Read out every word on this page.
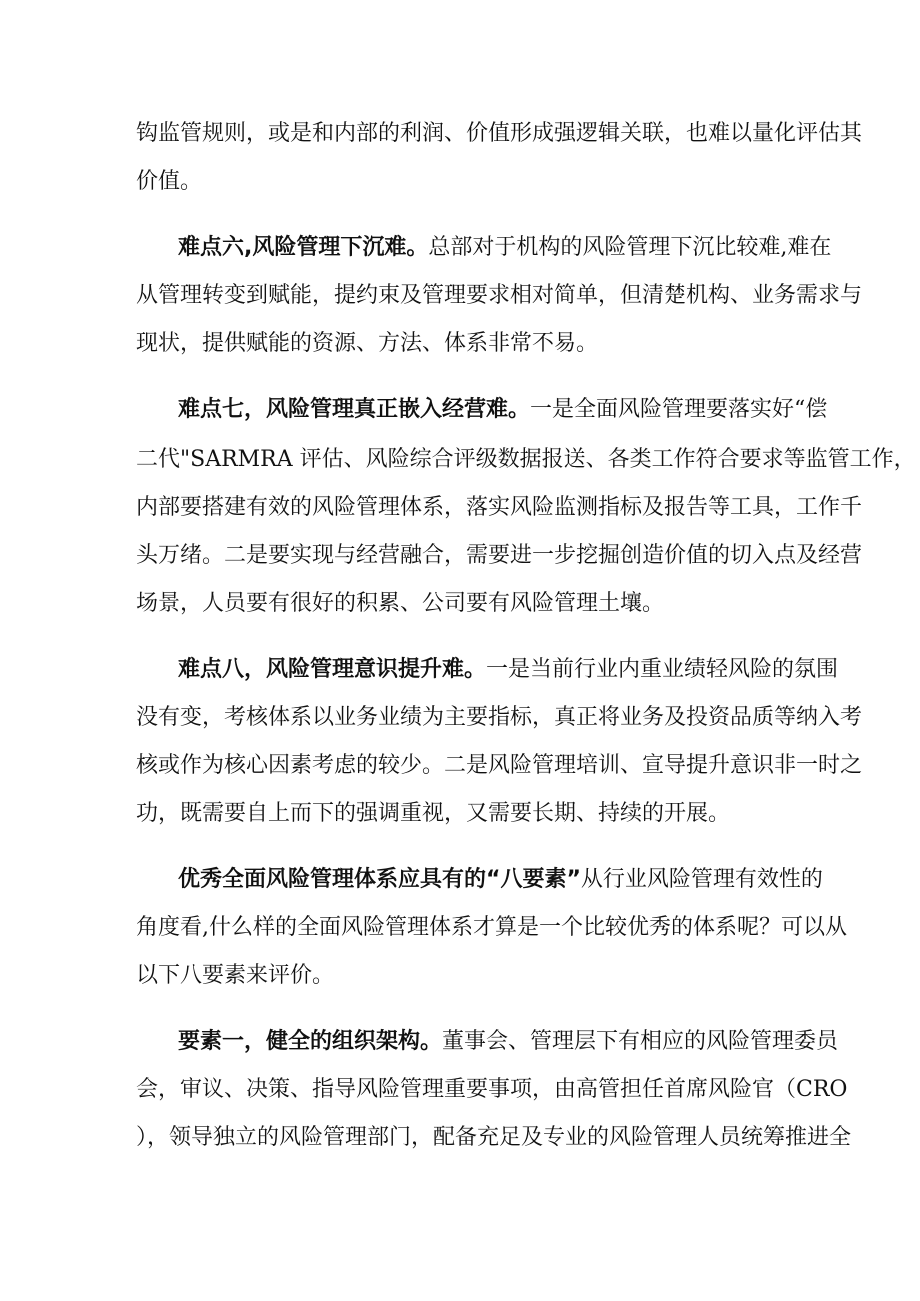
钩监管规则，或是和内部的利润、价值形成强逻辑关联，也难以量化评估其
价值。
难点六,风险管理下沉难。总部对于机构的风险管理下沉比较难,难在
从管理转变到赋能，提约束及管理要求相对简单，但清楚机构、业务需求与
现状，提供赋能的资源、方法、体系非常不易。
难点七，风险管理真正嵌入经营难。一是全面风险管理要落实好“偿
二代"SARMRA 评估、风险综合评级数据报送、各类工作符合要求等监管工作，
内部要搭建有效的风险管理体系，落实风险监测指标及报告等工具，工作千
头万绪。二是要实现与经营融合，需要进一步挖掘创造价值的切入点及经营
场景，人员要有很好的积累、公司要有风险管理土壤。
难点八，风险管理意识提升难。一是当前行业内重业绩轻风险的氛围
没有变，考核体系以业务业绩为主要指标，真正将业务及投资品质等纳入考
核或作为核心因素考虑的较少。二是风险管理培训、宣导提升意识非一时之
功，既需要自上而下的强调重视，又需要长期、持续的开展。
优秀全面风险管理体系应具有的“八要素”从行业风险管理有效性的
角度看,什么样的全面风险管理体系才算是一个比较优秀的体系呢？可以从
以下八要素来评价。
要素一，健全的组织架构。董事会、管理层下有相应的风险管理委员
会，审议、决策、指导风险管理重要事项，由高管担任首席风险官（CRO
），领导独立的风险管理部门，配备充足及专业的风险管理人员统筹推进全
